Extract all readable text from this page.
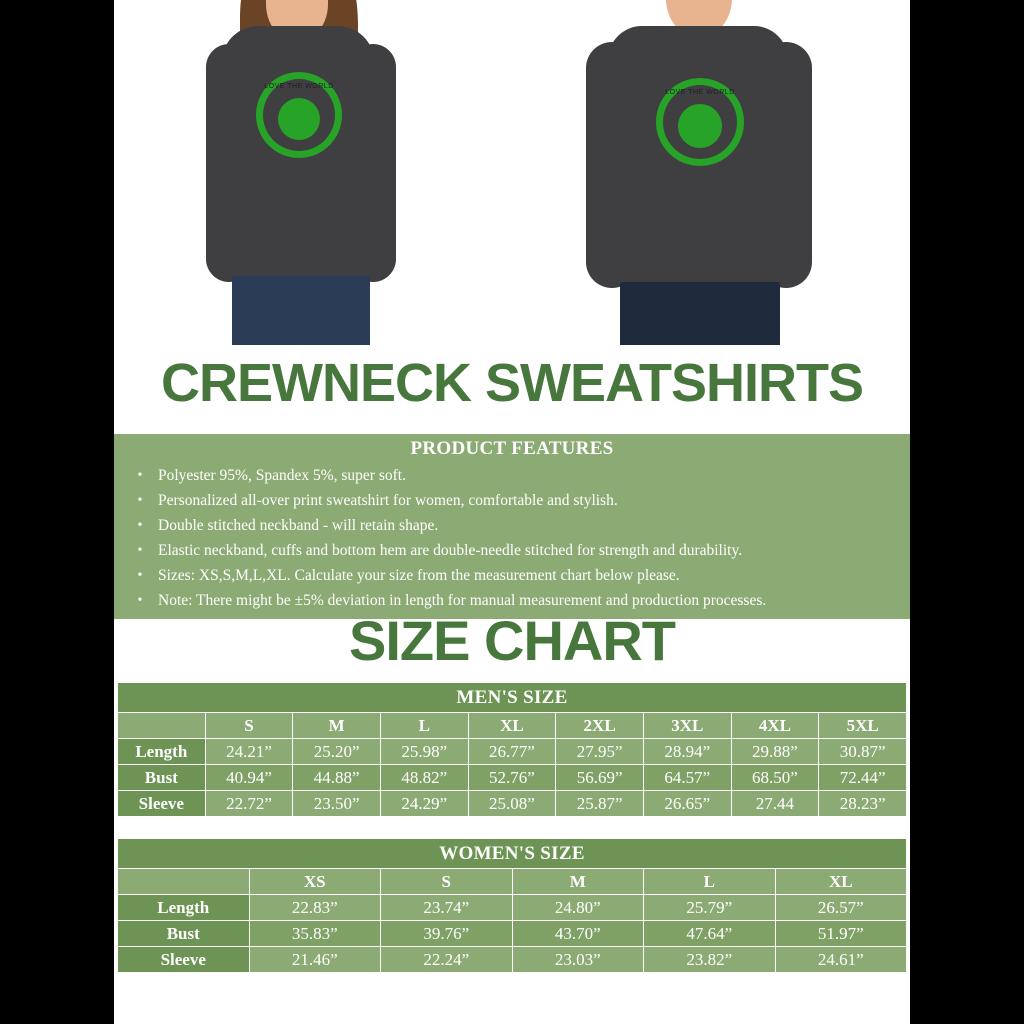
LOVE THE WORLD
LOVE THE WORLD
CREWNECK SWEATSHIRTS
PRODUCT FEATURES
•	Polyester 95%, Spandex 5%, super soft.
•	Personalized all-over print sweatshirt for women, comfortable and stylish.
•	Double stitched neckband - will retain shape.
•	Elastic neckband, cuffs and bottom hem are double-needle stitched for strength and durability.
•	Sizes: XS,S,M,L,XL. Calculate your size from the measurement chart below please.
•	Note: There might be ±5% deviation in length for manual measurement and production processes.
SIZE CHART
MEN'S SIZE								
	S	M	L	XL	2XL	3XL	4XL	5XL
Length	24.21”	25.20”	25.98”	26.77”	27.95”	28.94”	29.88”	30.87”
Bust	40.94”	44.88”	48.82”	52.76”	56.69”	64.57”	68.50”	72.44”
Sleeve	22.72”	23.50”	24.29”	25.08”	25.87”	26.65”	27.44	28.23”
WOMEN'S SIZE					
	XS	S	M	L	XL
Length	22.83”	23.74”	24.80”	25.79”	26.57”
Bust	35.83”	39.76”	43.70”	47.64”	51.97”
Sleeve	21.46”	22.24”	23.03”	23.82”	24.61”
